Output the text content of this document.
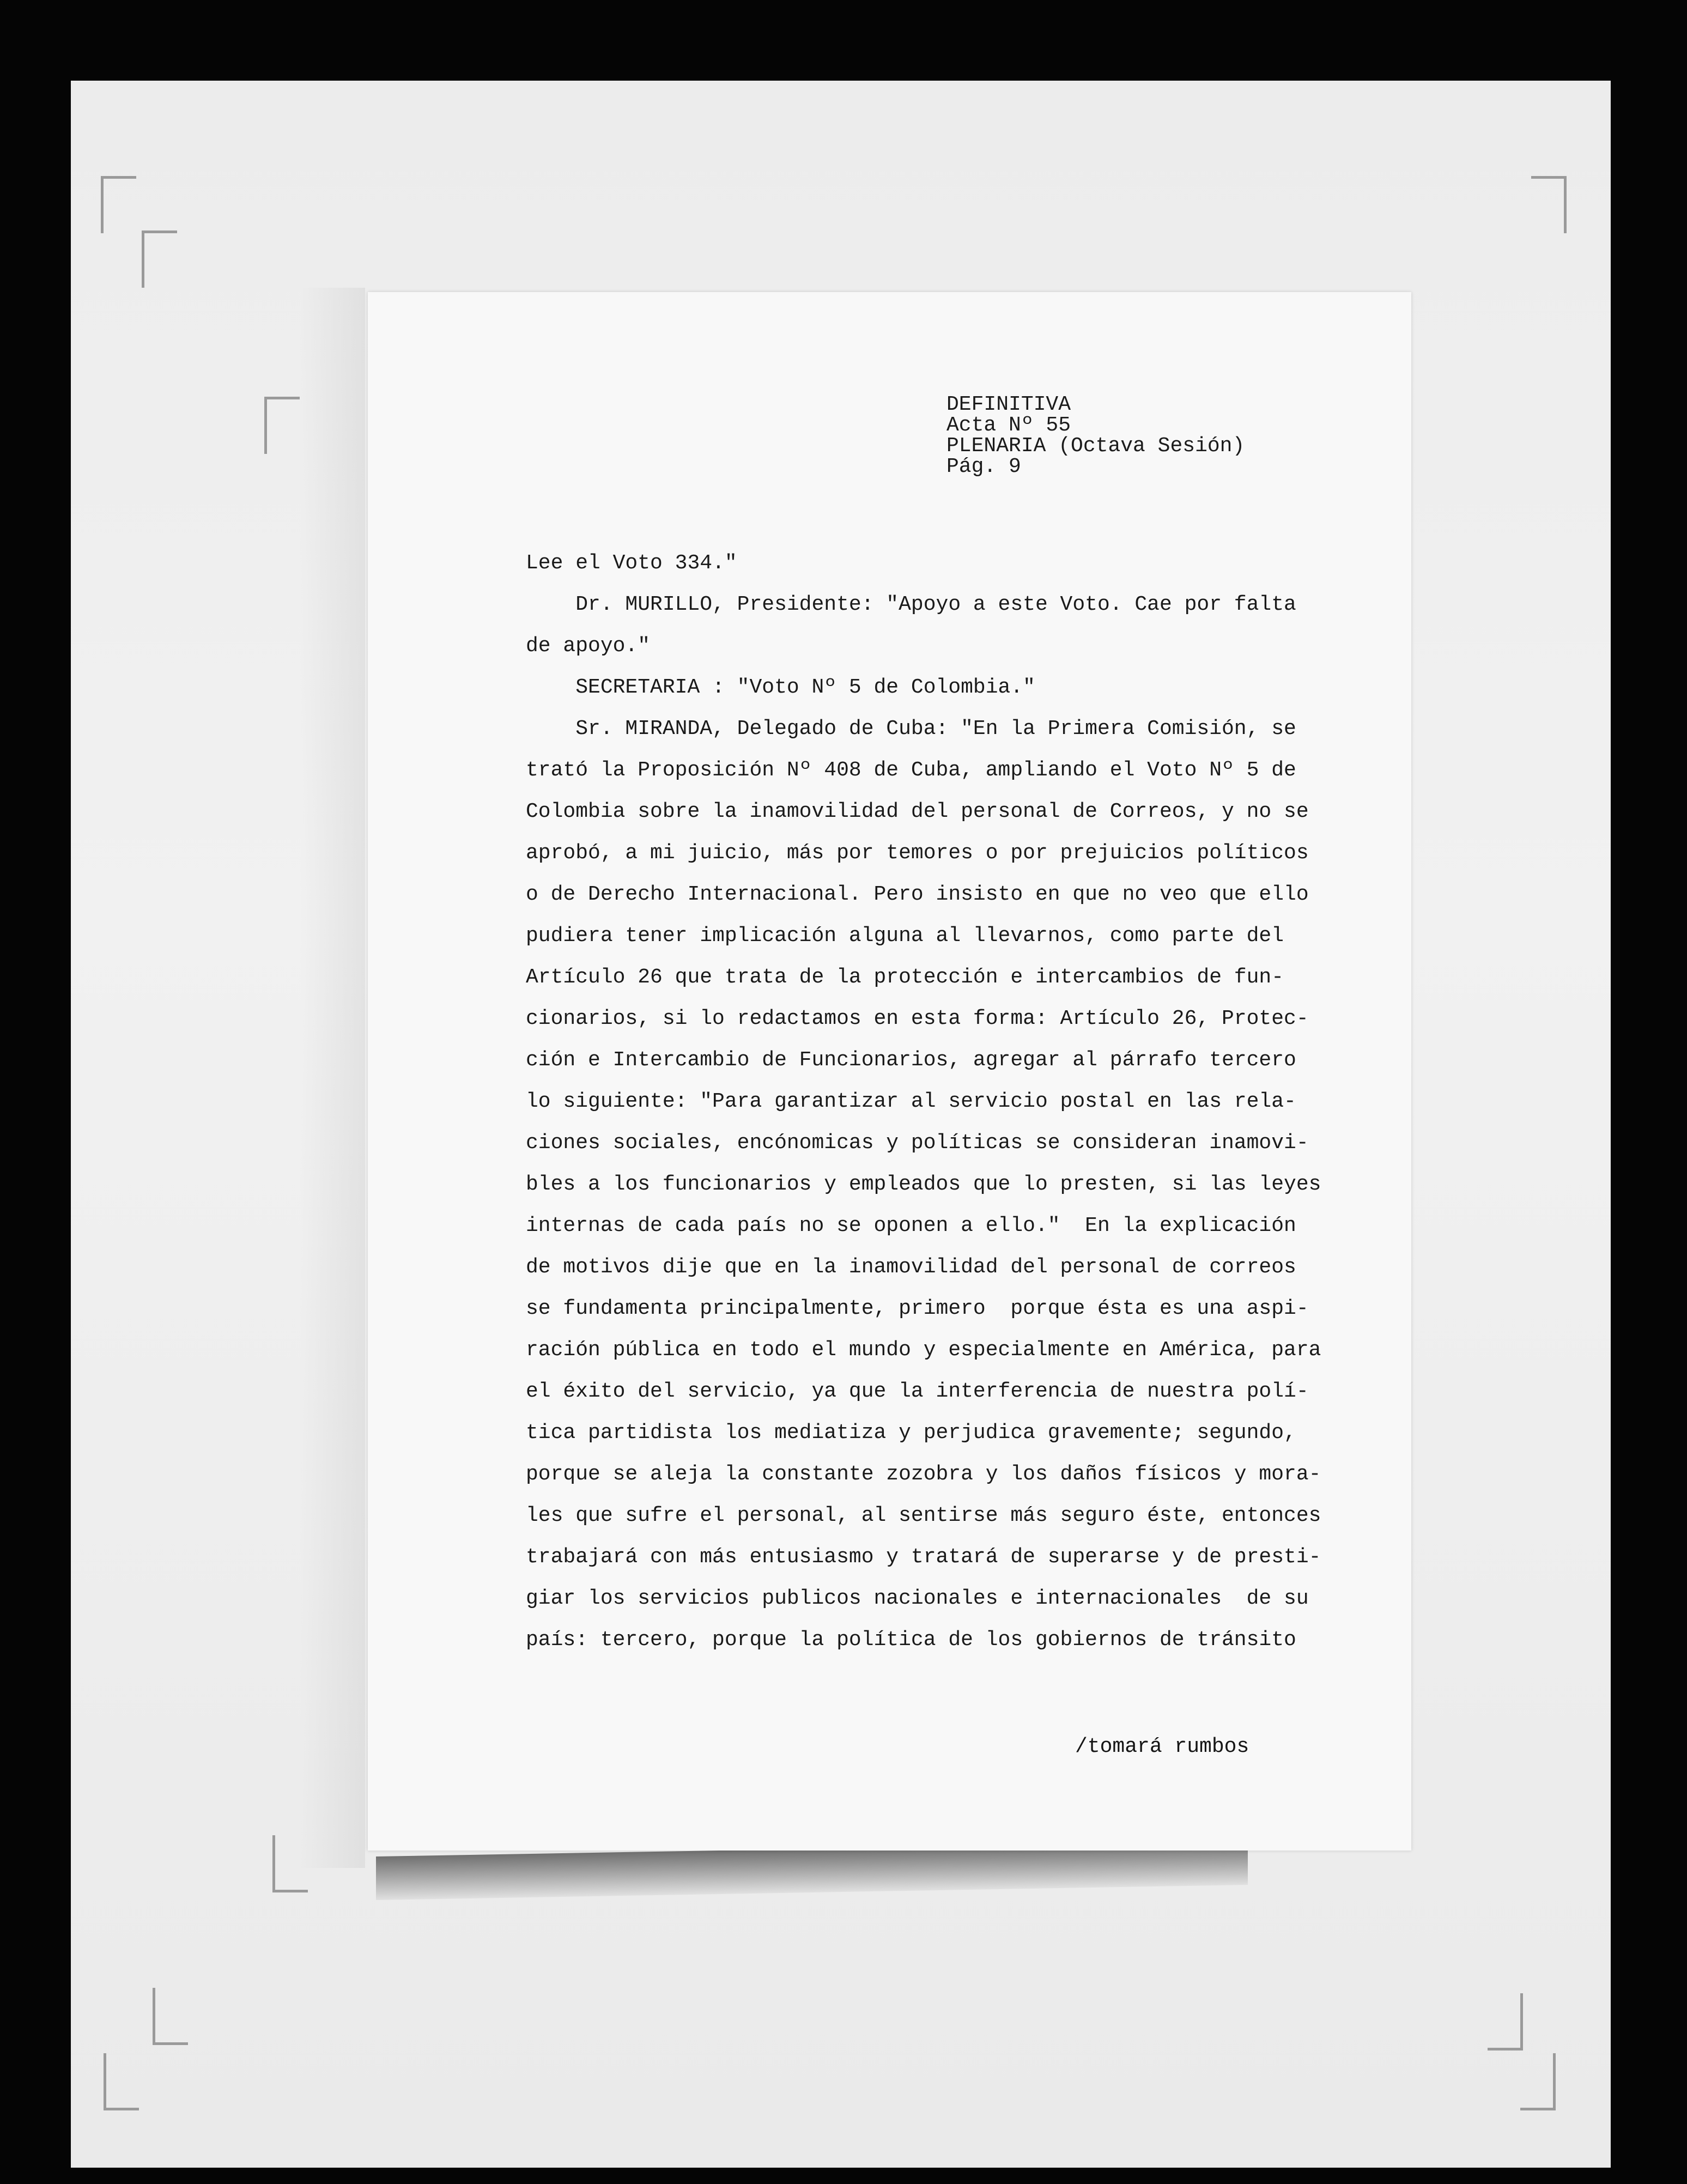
DEFINITIVA
Acta Nº 55
PLENARIA (Octava Sesión)
Pág. 9
Lee el Voto 334."
Dr. MURILLO, Presidente: "Apoyo a este Voto. Cae por falta
de apoyo."
SECRETARIA : "Voto Nº 5 de Colombia."
Sr. MIRANDA, Delegado de Cuba: "En la Primera Comisión, se
trató la Proposición Nº 408 de Cuba, ampliando el Voto Nº 5 de
Colombia sobre la inamovilidad del personal de Correos, y no se
aprobó, a mi juicio, más por temores o por prejuicios políticos
o de Derecho Internacional. Pero insisto en que no veo que ello
pudiera tener implicación alguna al llevarnos, como parte del
Artículo 26 que trata de la protección e intercambios de fun-
cionarios, si lo redactamos en esta forma: Artículo 26, Protec-
ción e Intercambio de Funcionarios, agregar al párrafo tercero
lo siguiente: "Para garantizar al servicio postal en las rela-
ciones sociales, encónomicas y políticas se consideran inamovi-
bles a los funcionarios y empleados que lo presten, si las leyes
internas de cada país no se oponen a ello."  En la explicación
de motivos dije que en la inamovilidad del personal de correos
se fundamenta principalmente, primero  porque ésta es una aspi-
ración pública en todo el mundo y especialmente en América, para
el éxito del servicio, ya que la interferencia de nuestra polí-
tica partidista los mediatiza y perjudica gravemente; segundo,
porque se aleja la constante zozobra y los daños físicos y mora-
les que sufre el personal, al sentirse más seguro éste, entonces
trabajará con más entusiasmo y tratará de superarse y de presti-
giar los servicios publicos nacionales e internacionales  de su
país: tercero, porque la política de los gobiernos de tránsito
/tomará rumbos
